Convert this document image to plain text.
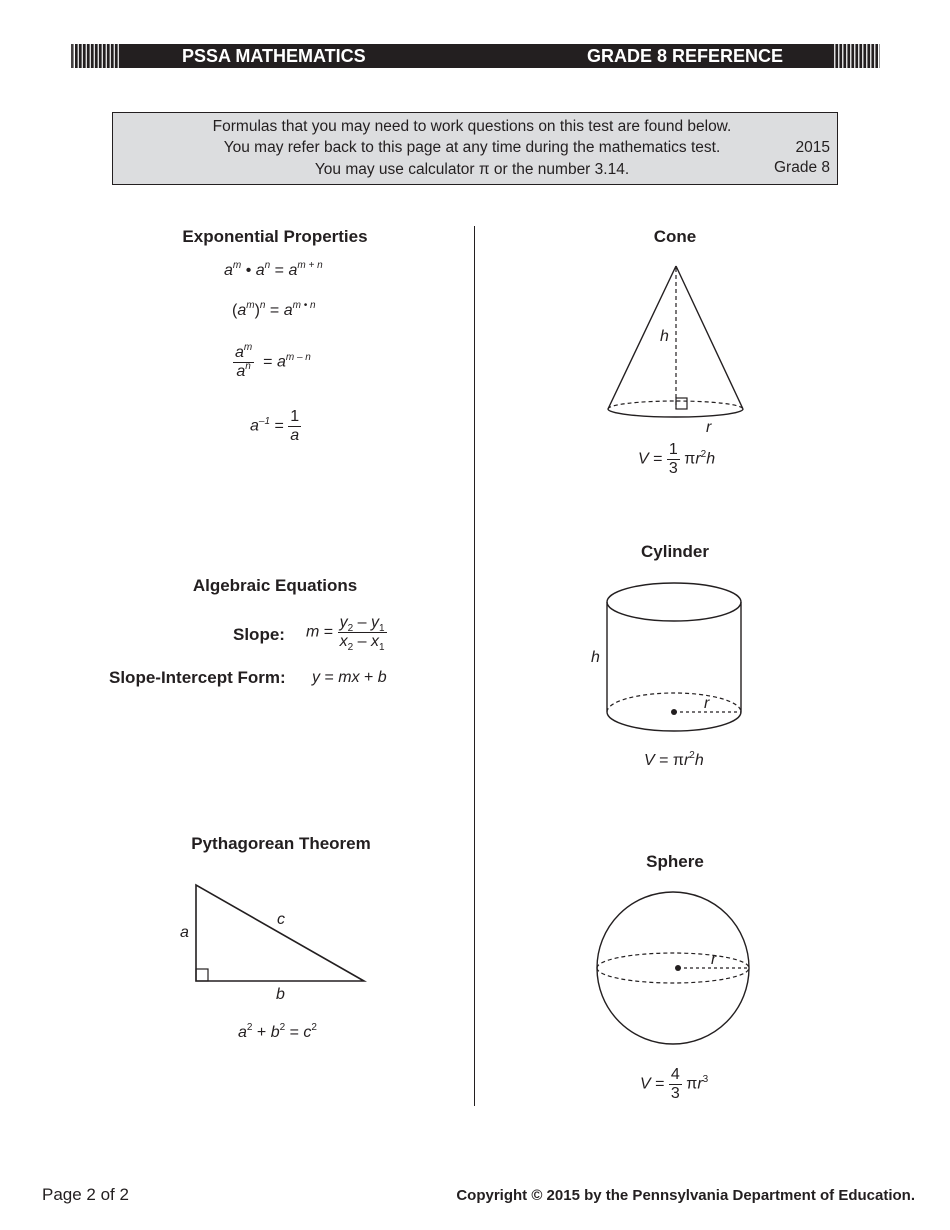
PSSA MATHEMATICS	GRADE 8 REFERENCE
Formulas that you may need to work questions on this test are found below.
You may refer back to this page at any time during the mathematics test.
You may use calculator π or the number 3.14.
2015
Grade 8
Exponential Properties
$a^m$ • $a^n = a^{m + n}$
$(a^m)^n = a^{m • n}$
$\frac{a^m}{a^n} = a^{m - n}$
$a^{-1} = \frac{1}{a}$
Algebraic Equations
Slope: $m = \frac{y_2 - y_1}{x_2 - x_1}$
Slope-Intercept Form: y = mx + b
Pythagorean Theorem
a
c
b
$a^2 + b^2 = c^2$
Cone
h
r
$V = \frac{1}{3} \pi r^2h$
Cylinder
h
r
$V = \pi r^2h$
Sphere
r
$V = \frac{4}{3} \pi r^3$
Page 2 of 2	Copyright © 2015 by the Pennsylvania Department of Education.
